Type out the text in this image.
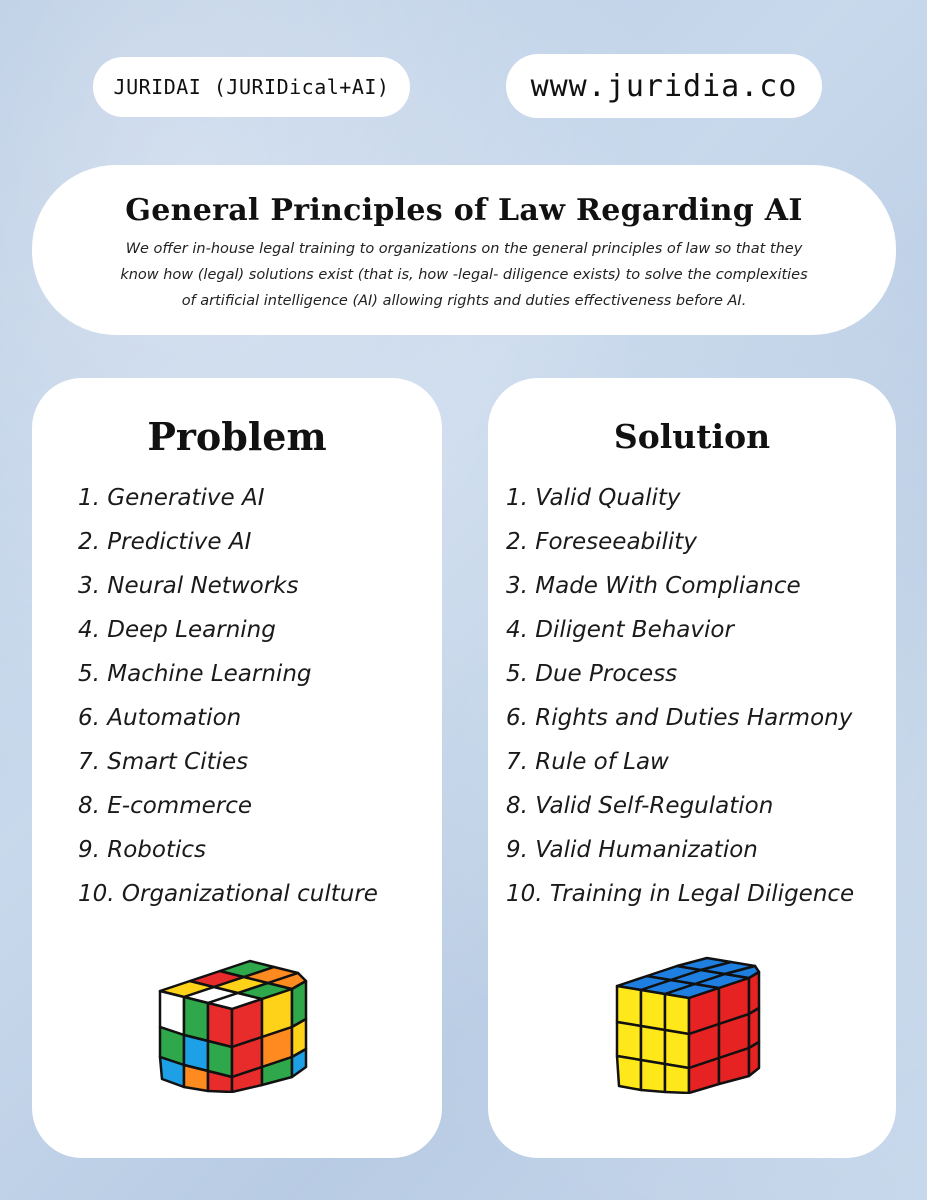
JURIDAI (JURIDical+AI)	www.juridia.co
General Principles of Law Regarding AI

We offer in-house legal training to organizations on the general principles of law so that they
know how (legal) solutions exist (that is, how -legal- diligence exists) to solve the complexities
of artificial intelligence (AI) allowing rights and duties effectiveness before AI.

Problem
1. Generative AI
2. Predictive AI
3. Neural Networks
4. Deep Learning
5. Machine Learning
6. Automation
7. Smart Cities
8. E-commerce
9. Robotics
10. Organizational culture
Solution
1. Valid Quality
2. Foreseeability
3. Made With Compliance
4. Diligent Behavior
5. Due Process
6. Rights and Duties Harmony
7. Rule of Law
8. Valid Self-Regulation
9. Valid Humanization
10. Training in Legal Diligence
